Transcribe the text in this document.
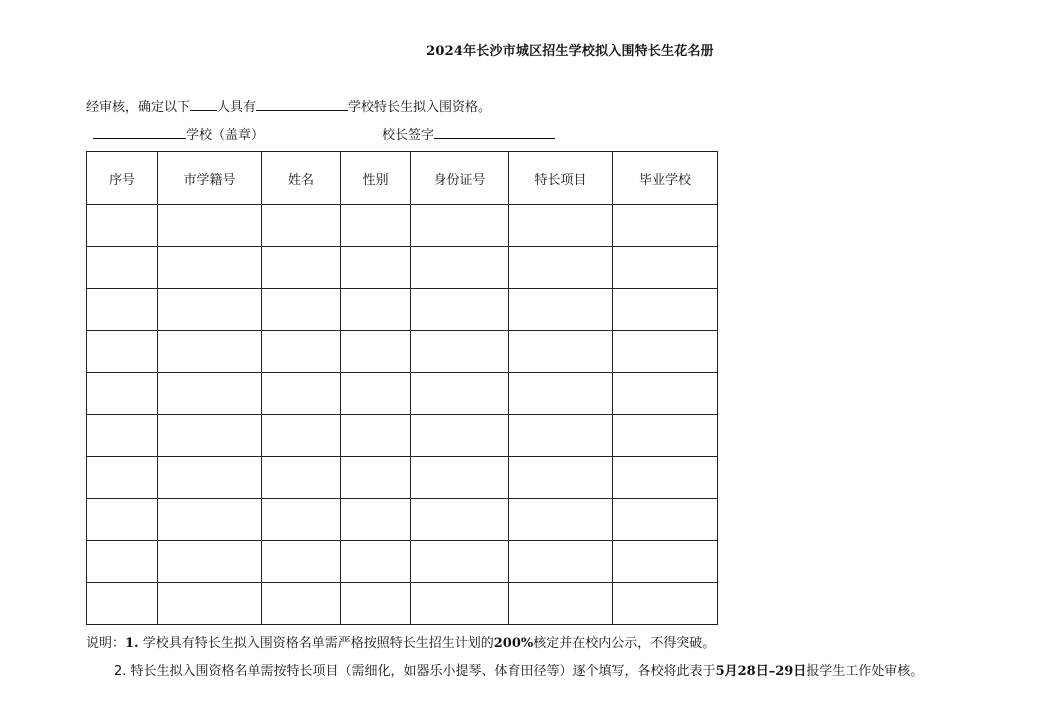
2024年长沙市城区招生学校拟入围特长生花名册
经审核，确定以下 人具有	学校特长生拟入围资格。
学校（盖章）	校长签字
序号	市学籍号	姓名	性别	身份证号	特长项目	毕业学校

说明：1. 学校具有特长生拟入围资格名单需严格按照特长生招生计划的200%核定并在校内公示，不得突破。
2. 特长生拟入围资格名单需按特长项目（需细化，如器乐小提琴、体育田径等）逐个填写，各校将此表于5月28日–29日报学生工作处审核。
